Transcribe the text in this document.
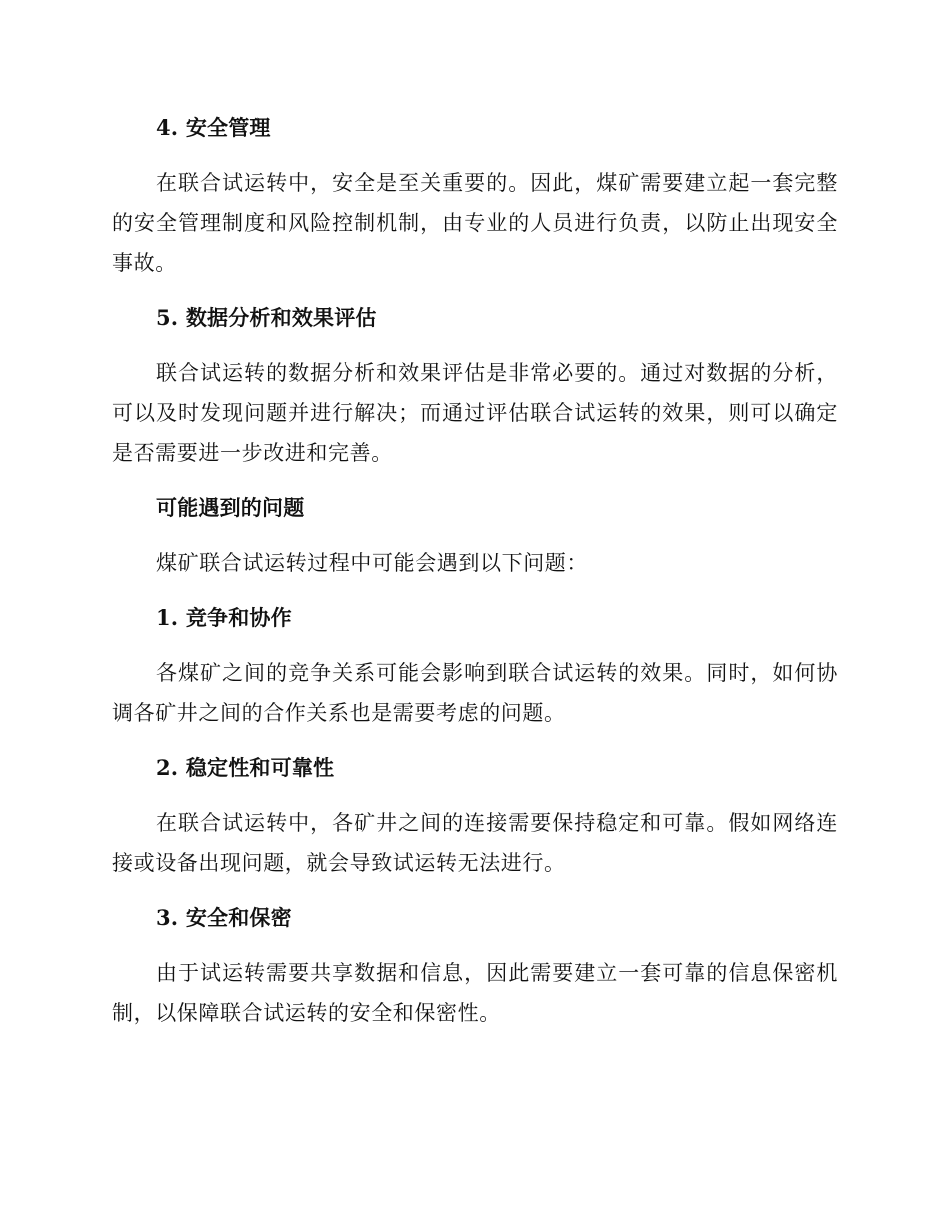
4. 安全管理

在联合试运转中，安全是至关重要的。因此，煤矿需要建立起一套完整的安全管理制度和风险控制机制，由专业的人员进行负责，以防止出现安全事故。

5. 数据分析和效果评估

联合试运转的数据分析和效果评估是非常必要的。通过对数据的分析，可以及时发现问题并进行解决；而通过评估联合试运转的效果，则可以确定是否需要进一步改进和完善。

可能遇到的问题

煤矿联合试运转过程中可能会遇到以下问题：

1. 竞争和协作

各煤矿之间的竞争关系可能会影响到联合试运转的效果。同时，如何协调各矿井之间的合作关系也是需要考虑的问题。

2. 稳定性和可靠性

在联合试运转中，各矿井之间的连接需要保持稳定和可靠。假如网络连接或设备出现问题，就会导致试运转无法进行。

3. 安全和保密

由于试运转需要共享数据和信息，因此需要建立一套可靠的信息保密机制，以保障联合试运转的安全和保密性。
